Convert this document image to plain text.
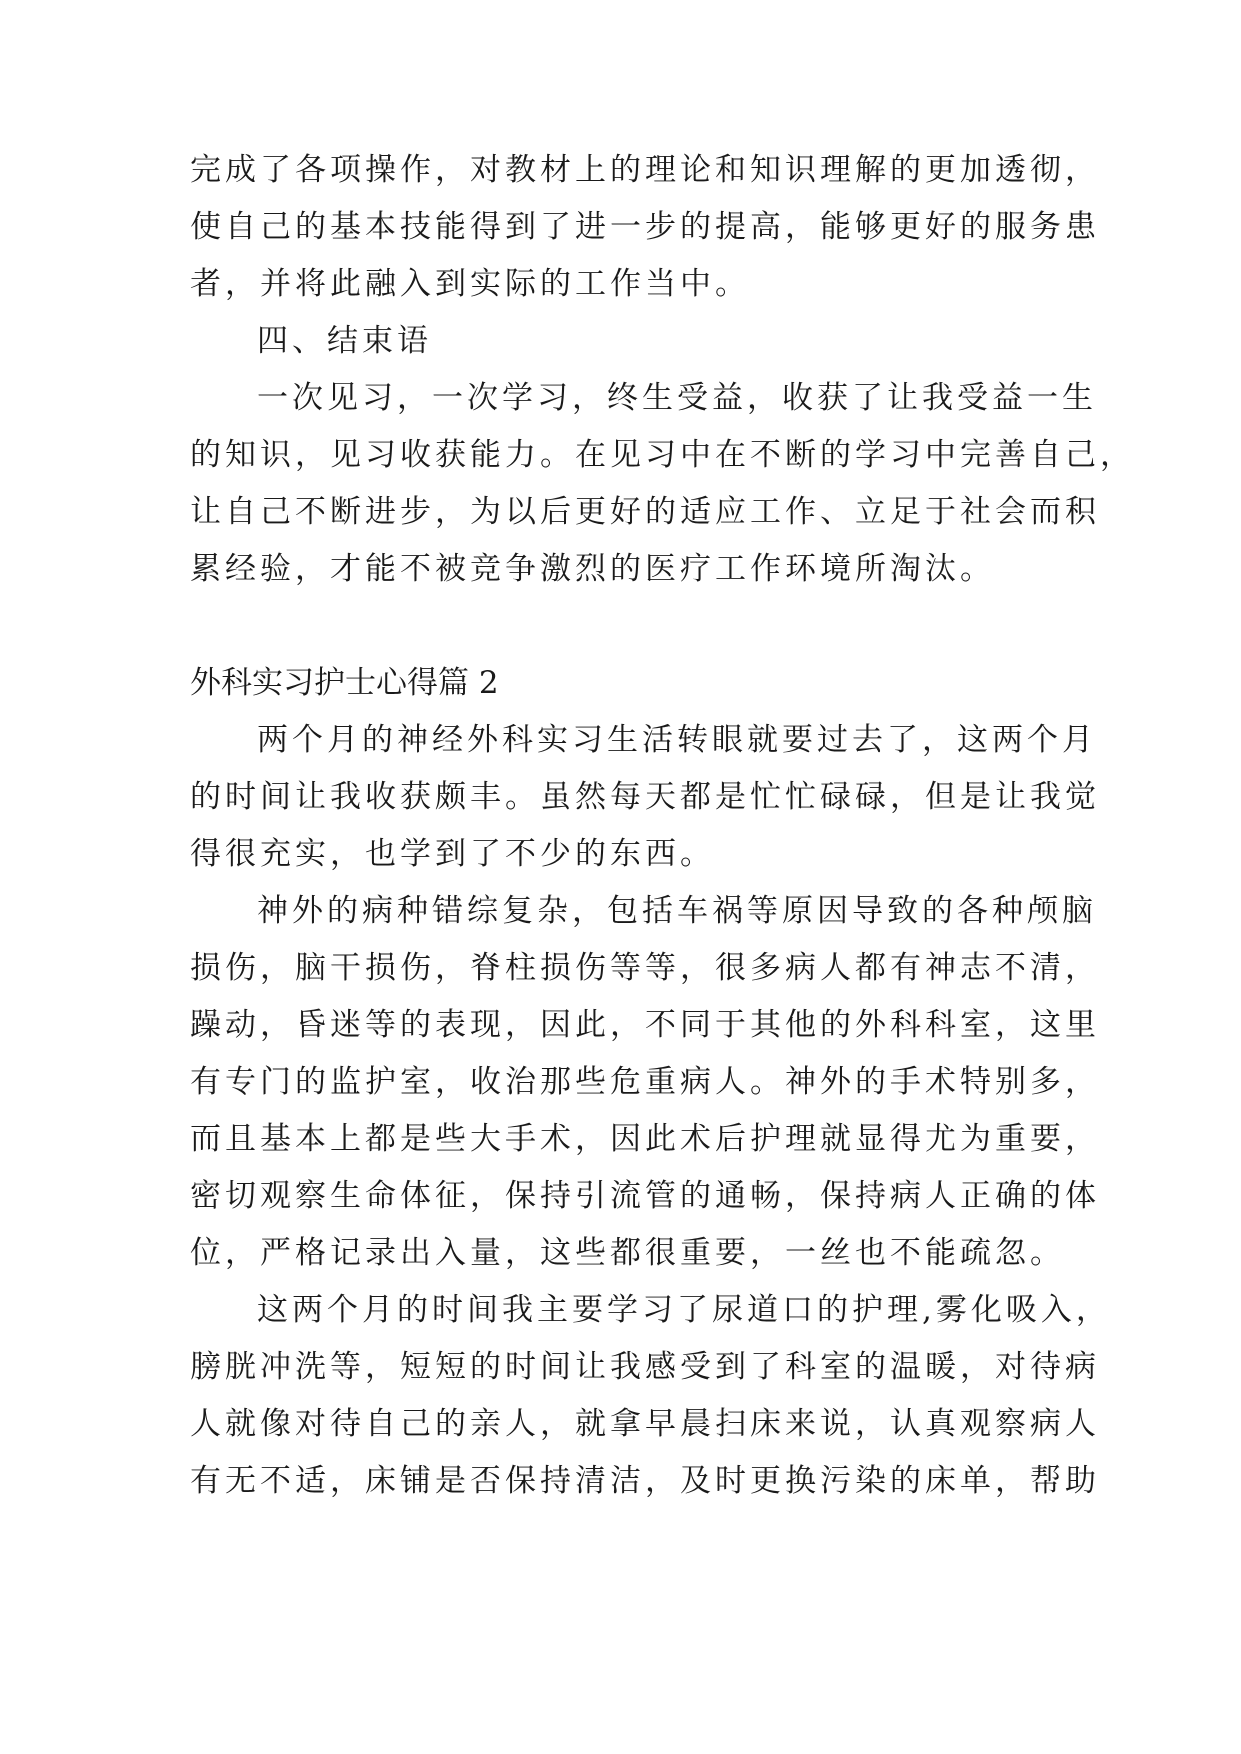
完成了各项操作，对教材上的理论和知识理解的更加透彻，
使自己的基本技能得到了进一步的提高，能够更好的服务患
者，并将此融入到实际的工作当中。
四、结束语
一次见习，一次学习，终生受益，收获了让我受益一生
的知识，见习收获能力。在见习中在不断的学习中完善自己，
让自己不断进步，为以后更好的适应工作、立足于社会而积
累经验，才能不被竞争激烈的医疗工作环境所淘汰。
外科实习护士心得篇 2
两个月的神经外科实习生活转眼就要过去了，这两个月
的时间让我收获颇丰。虽然每天都是忙忙碌碌，但是让我觉
得很充实，也学到了不少的东西。
神外的病种错综复杂，包括车祸等原因导致的各种颅脑
损伤，脑干损伤，脊柱损伤等等，很多病人都有神志不清，
躁动，昏迷等的表现，因此，不同于其他的外科科室，这里
有专门的监护室，收治那些危重病人。神外的手术特别多，
而且基本上都是些大手术，因此术后护理就显得尤为重要，
密切观察生命体征，保持引流管的通畅，保持病人正确的体
位，严格记录出入量，这些都很重要，一丝也不能疏忽。
这两个月的时间我主要学习了尿道口的护理,雾化吸入，
膀胱冲洗等，短短的时间让我感受到了科室的温暖，对待病
人就像对待自己的亲人，就拿早晨扫床来说，认真观察病人
有无不适，床铺是否保持清洁，及时更换污染的床单，帮助
